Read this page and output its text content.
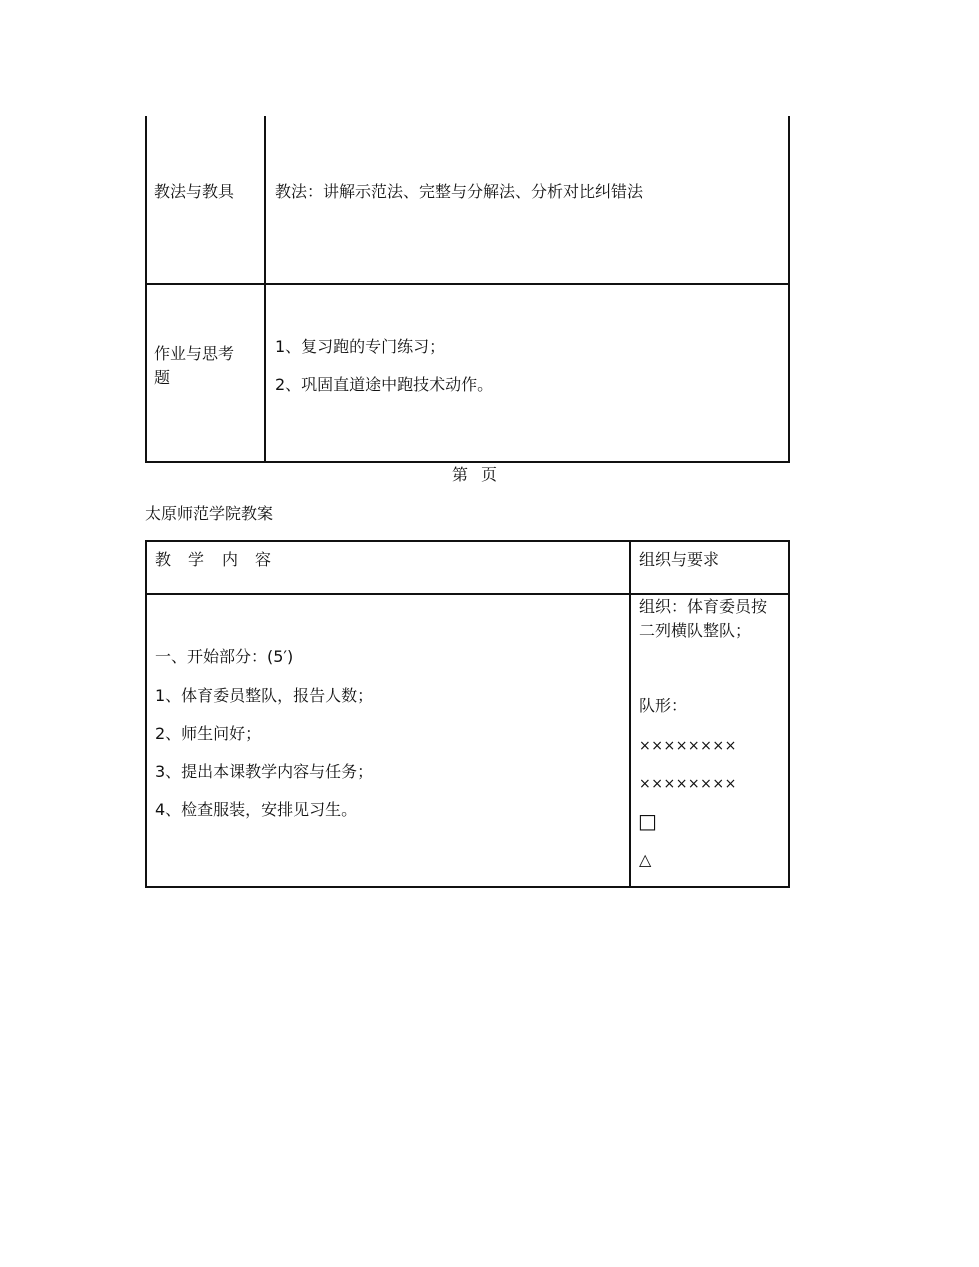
教法与教具	教法：讲解示范法、完整与分解法、分析对比纠错法
作业与思考
题
1、复习跑的专门练习；
2、巩固直道途中跑技术动作。
第 页
太原师范学院教案
教 学 内 容	组织与要求
一、开始部分：(5′)
1、体育委员整队，报告人数；
2、师生问好；
3、提出本课教学内容与任务；
4、检查服装，安排见习生。
组织：体育委员按
二列横队整队；
队形：
××××××××
××××××××
□
△
